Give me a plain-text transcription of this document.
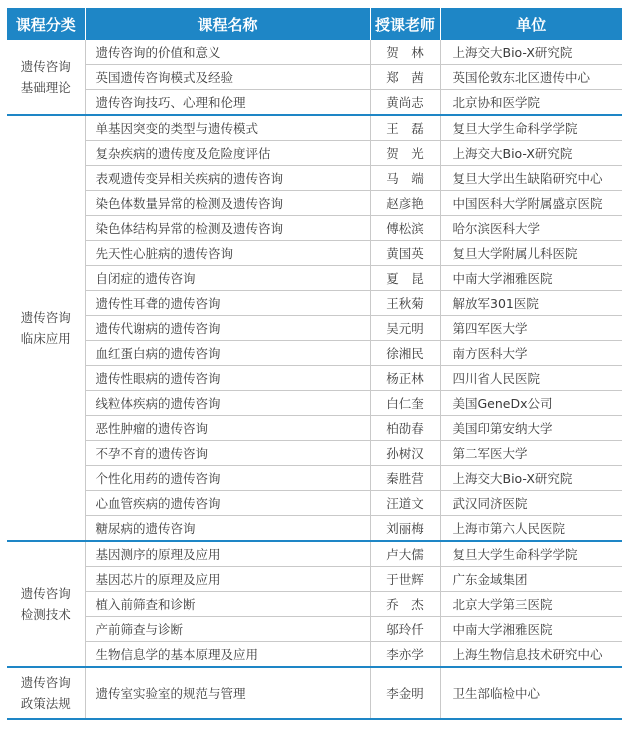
课程分类	课程名称	授课老师	单位
遗传咨询
基础理论	遗传咨询的价值和意义	贺　林	上海交大Bio-X研究院
	英国遗传咨询模式及经验	郑　茜	英国伦敦东北区遗传中心
	遗传咨询技巧、心理和伦理	黄尚志	北京协和医学院
遗传咨询
临床应用	单基因突变的类型与遗传模式	王　磊	复旦大学生命科学学院
	复杂疾病的遗传度及危险度评估	贺　光	上海交大Bio-X研究院
	表观遗传变异相关疾病的遗传咨询	马　端	复旦大学出生缺陷研究中心
	染色体数量异常的检测及遗传咨询	赵彦艳	中国医科大学附属盛京医院
	染色体结构异常的检测及遗传咨询	傅松滨	哈尔滨医科大学
	先天性心脏病的遗传咨询	黄国英	复旦大学附属儿科医院
	自闭症的遗传咨询	夏　昆	中南大学湘雅医院
	遗传性耳聋的遗传咨询	王秋菊	解放军301医院
	遗传代谢病的遗传咨询	吴元明	第四军医大学
	血红蛋白病的遗传咨询	徐湘民	南方医科大学
	遗传性眼病的遗传咨询	杨正林	四川省人民医院
	线粒体疾病的遗传咨询	白仁奎	美国GeneDx公司
	恶性肿瘤的遗传咨询	柏劭春	美国印第安纳大学
	不孕不育的遗传咨询	孙树汉	第二军医大学
	个性化用药的遗传咨询	秦胜营	上海交大Bio-X研究院
	心血管疾病的遗传咨询	汪道文	武汉同济医院
	糖尿病的遗传咨询	刘丽梅	上海市第六人民医院
遗传咨询
检测技术	基因测序的原理及应用	卢大儒	复旦大学生命科学学院
	基因芯片的原理及应用	于世辉	广东金域集团
	植入前筛查和诊断	乔　杰	北京大学第三医院
	产前筛查与诊断	邬玲仟	中南大学湘雅医院
	生物信息学的基本原理及应用	李亦学	上海生物信息技术研究中心
遗传咨询
政策法规	遗传室实验室的规范与管理	李金明	卫生部临检中心
